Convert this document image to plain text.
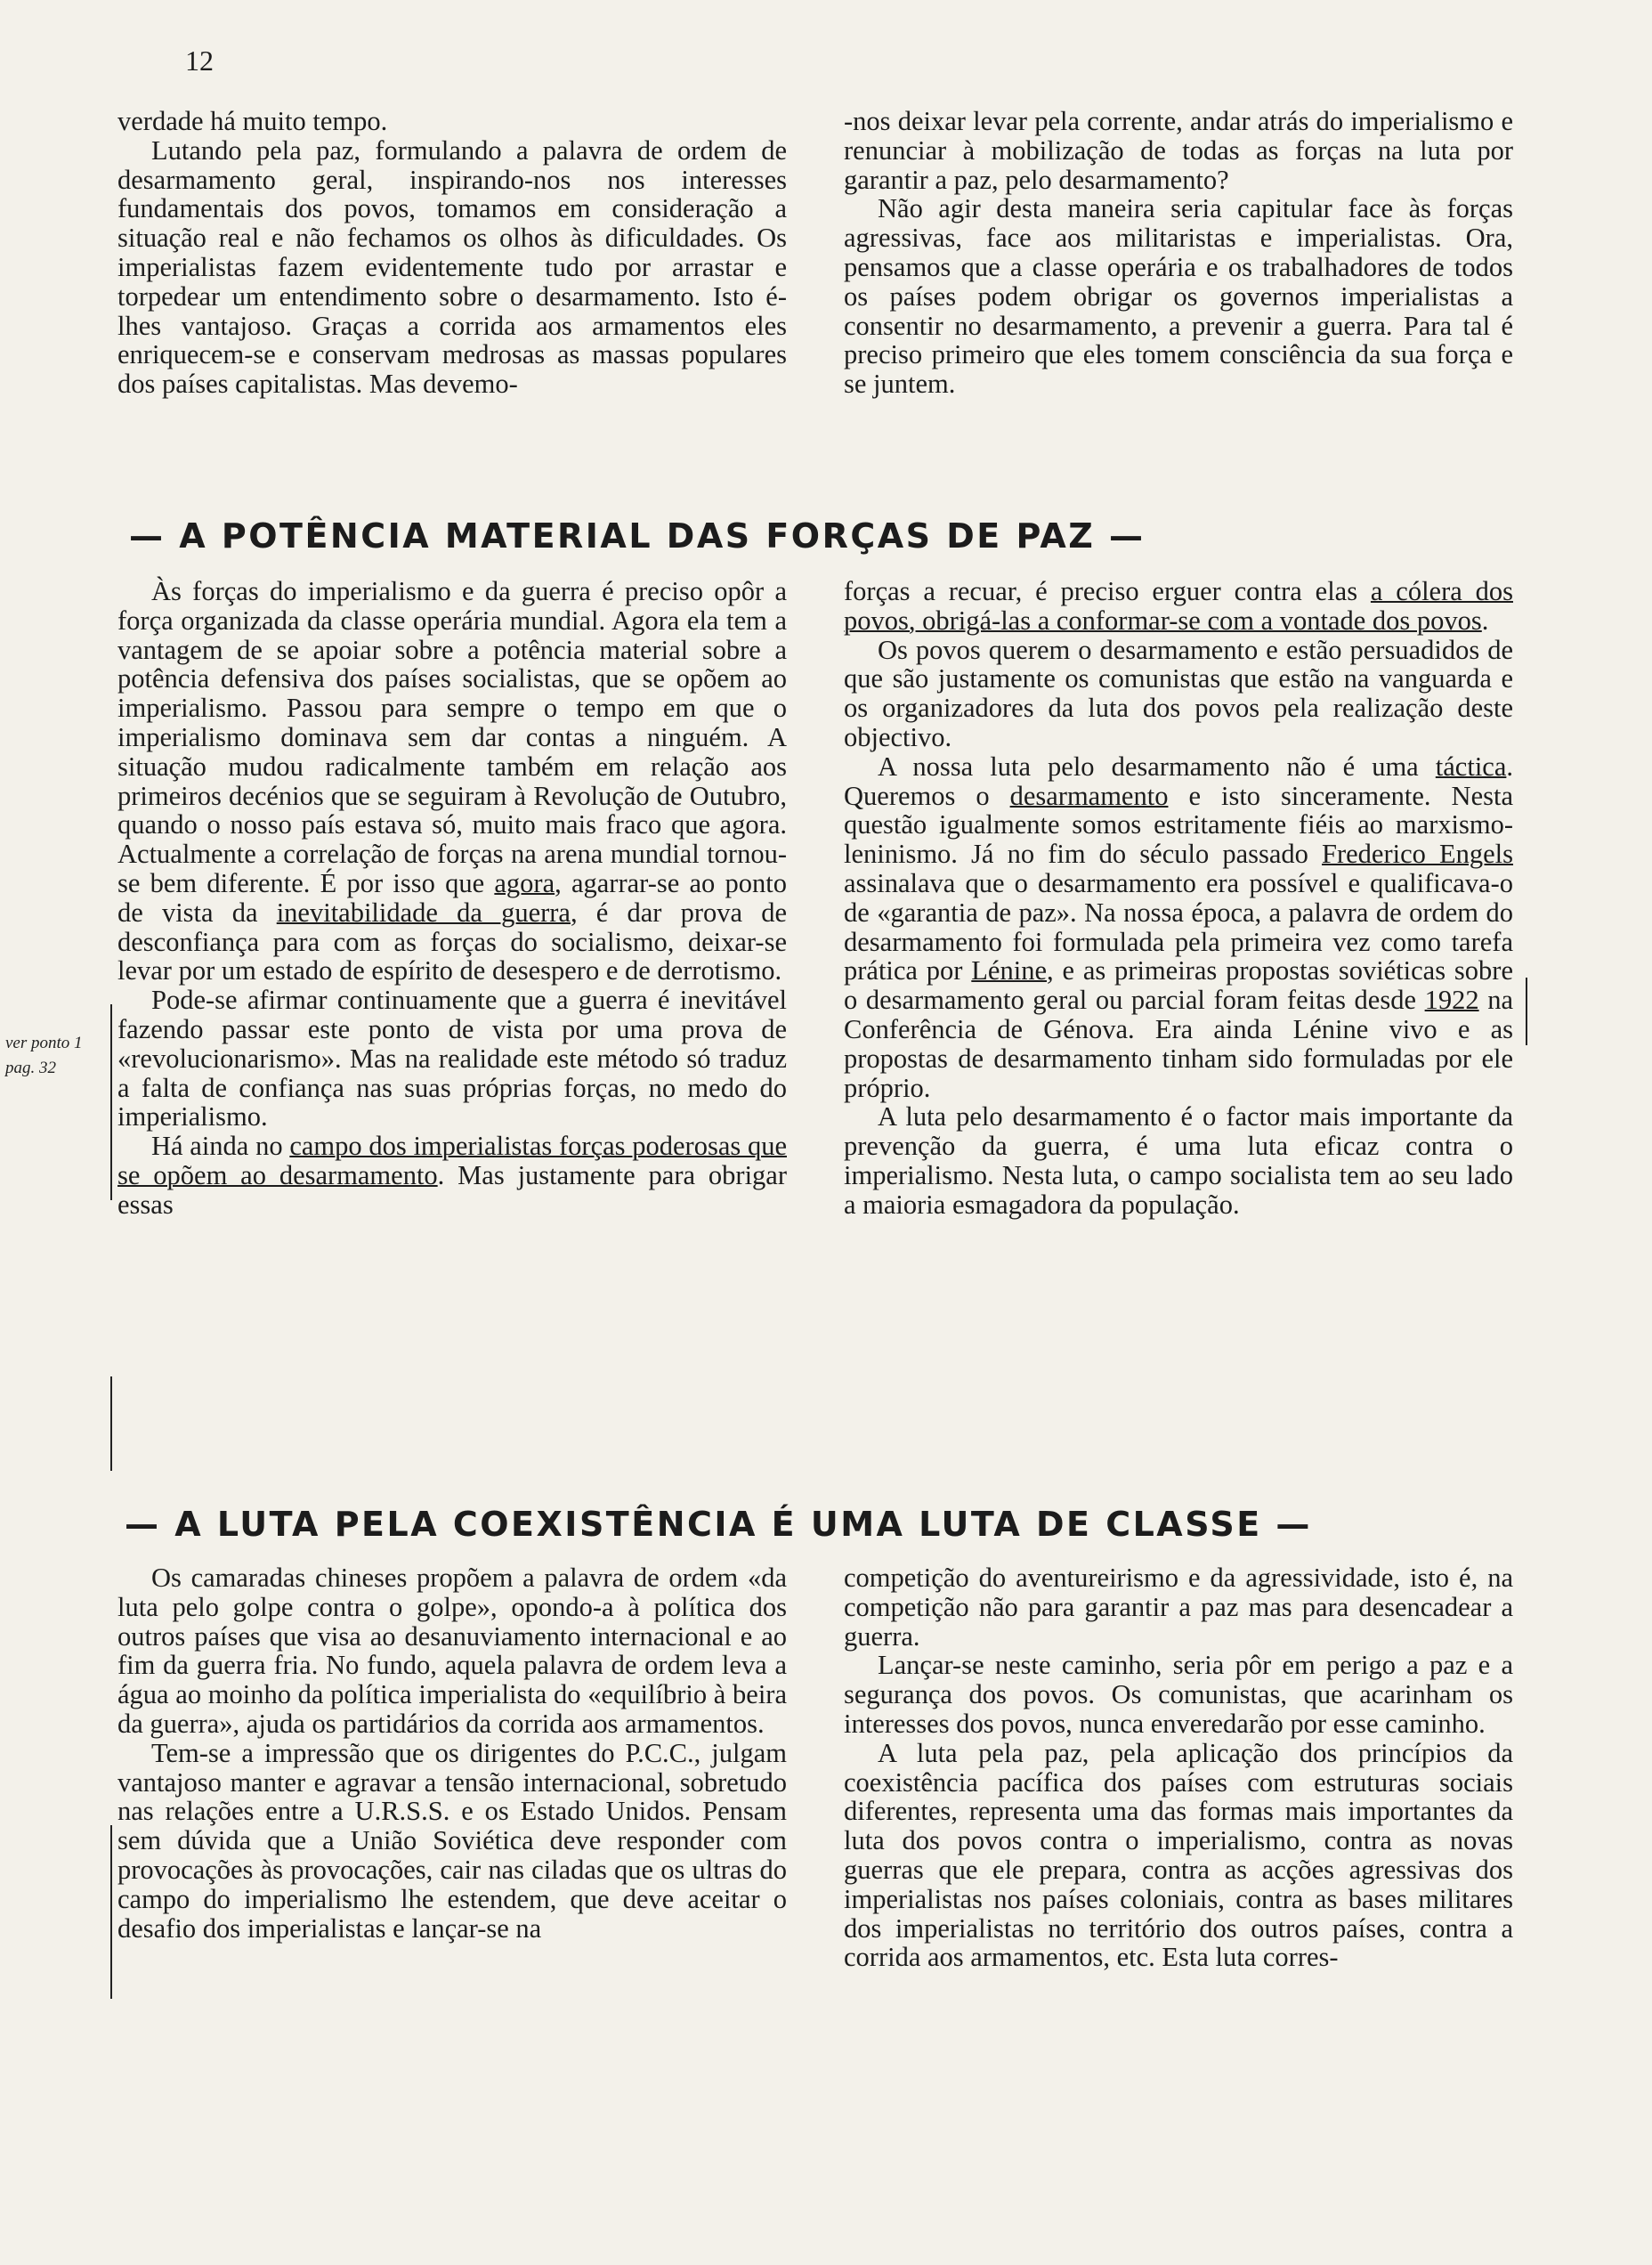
12
ver ponto 1
pag. 32

verdade há muito tempo.

Lutando pela paz, formulando a palavra de ordem de desarmamento geral, inspirando-nos nos interesses fundamentais dos povos, tomamos em consideração a situação real e não fechamos os olhos às dificuldades. Os imperialistas fazem evidentemente tudo por arrastar e torpedear um entendimento sobre o desarmamento. Isto é-lhes vantajoso. Graças a corrida aos armamentos eles enriquecem-se e conservam medrosas as massas populares dos países capitalistas. Mas devemo-

-nos deixar levar pela corrente, andar atrás do imperialismo e renunciar à mobilização de todas as forças na luta por garantir a paz, pelo desarmamento?

Não agir desta maneira seria capitular face às forças agressivas, face aos militaristas e imperialistas. Ora, pensamos que a classe operária e os trabalhadores de todos os países podem obrigar os governos imperialistas a consentir no desarmamento, a prevenir a guerra. Para tal é preciso primeiro que eles tomem consciência da sua força e se juntem.

— A POTÊNCIA MATERIAL DAS FORÇAS DE PAZ —

Às forças do imperialismo e da guerra é preciso opôr a força organizada da classe operária mundial. Agora ela tem a vantagem de se apoiar sobre a potência material sobre a potência defensiva dos países socialistas, que se opõem ao imperialismo. Passou para sempre o tempo em que o imperialismo dominava sem dar contas a ninguém. A situação mudou radicalmente também em relação aos primeiros decénios que se seguiram à Revolução de Outubro, quando o nosso país estava só, muito mais fraco que agora. Actualmente a correlação de forças na arena mundial tornou-se bem diferente. É por isso que agora, agarrar-se ao ponto de vista da inevitabilidade da guerra, é dar prova de desconfiança para com as forças do socialismo, deixar-se levar por um estado de espírito de desespero e de derrotismo.

Pode-se afirmar continuamente que a guerra é inevitável fazendo passar este ponto de vista por uma prova de «revolucionarismo». Mas na realidade este método só traduz a falta de confiança nas suas próprias forças, no medo do imperialismo.

Há ainda no campo dos imperialistas forças poderosas que se opõem ao desarmamento. Mas justamente para obrigar essas

forças a recuar, é preciso erguer contra elas a cólera dos povos, obrigá-las a conformar-se com a vontade dos povos.

Os povos querem o desarmamento e estão persuadidos de que são justamente os comunistas que estão na vanguarda e os organizadores da luta dos povos pela realização deste objectivo.

A nossa luta pelo desarmamento não é uma táctica. Queremos o desarmamento e isto sinceramente. Nesta questão igualmente somos estritamente fiéis ao marxismo-leninismo. Já no fim do século passado Frederico Engels assinalava que o desarmamento era possível e qualificava-o de «garantia de paz». Na nossa época, a palavra de ordem do desarmamento foi formulada pela primeira vez como tarefa prática por Lénine, e as primeiras propostas soviéticas sobre o desarmamento geral ou parcial foram feitas desde 1922 na Conferência de Génova. Era ainda Lénine vivo e as propostas de desarmamento tinham sido formuladas por ele próprio.

A luta pelo desarmamento é o factor mais importante da prevenção da guerra, é uma luta eficaz contra o imperialismo. Nesta luta, o campo socialista tem ao seu lado a maioria esmagadora da população.

— A LUTA PELA COEXISTÊNCIA É UMA LUTA DE CLASSE —

Os camaradas chineses propõem a palavra de ordem «da luta pelo golpe contra o golpe», opondo-a à política dos outros países que visa ao desanuviamento internacional e ao fim da guerra fria. No fundo, aquela palavra de ordem leva a água ao moinho da política imperialista do «equilíbrio à beira da guerra», ajuda os partidários da corrida aos armamentos.

Tem-se a impressão que os dirigentes do P.C.C., julgam vantajoso manter e agravar a tensão internacional, sobretudo nas relações entre a U.R.S.S. e os Estado Unidos. Pensam sem dúvida que a União Soviética deve responder com provocações às provocações, cair nas ciladas que os ultras do campo do imperialismo lhe estendem, que deve aceitar o desafio dos imperialistas e lançar-se na

competição do aventureirismo e da agressividade, isto é, na competição não para garantir a paz mas para desencadear a guerra.

Lançar-se neste caminho, seria pôr em perigo a paz e a segurança dos povos. Os comunistas, que acarinham os interesses dos povos, nunca enveredarão por esse caminho.

A luta pela paz, pela aplicação dos princípios da coexistência pacífica dos países com estruturas sociais diferentes, representa uma das formas mais importantes da luta dos povos contra o imperialismo, contra as novas guerras que ele prepara, contra as acções agressivas dos imperialistas nos países coloniais, contra as bases militares dos imperialistas no território dos outros países, contra a corrida aos armamentos, etc. Esta luta corres-
